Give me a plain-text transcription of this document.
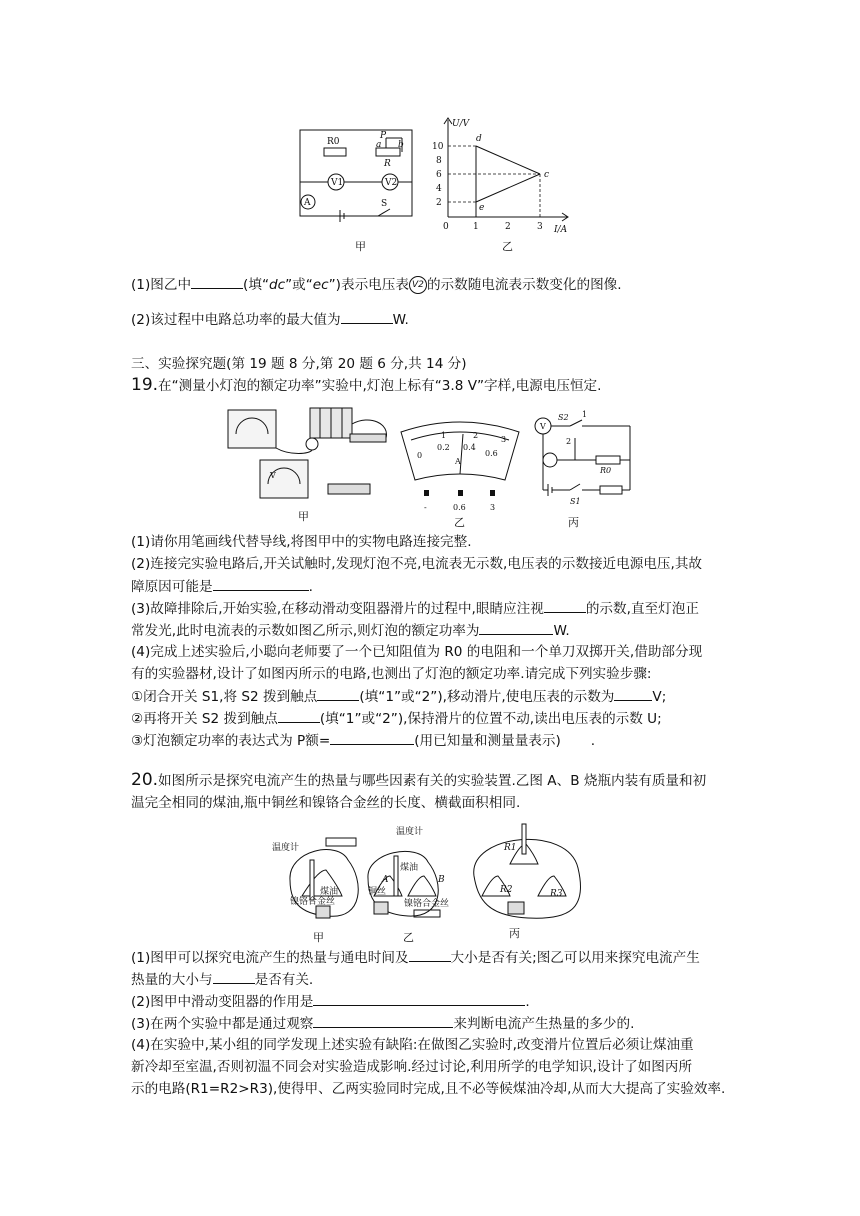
R0
P
a b
R
V1	V2
A	S
甲
U/V
I/A
10
8
6
4
2
0	1	2	3
d
c
e
乙
(1)图乙中	(填“dc”或“ec”)表示电压表 V2 的示数随电流表示数变化的图像.
(2)该过程中电路总功率的最大值为	W.
三、实验探究题(第 19 题 8 分,第 20 题 6 分,共 14 分)
19.在“测量小灯泡的额定功率”实验中,灯泡上标有“3.8 V”字样,电源电压恒定.
V
甲
0
0.2 0.4
0.6
1	2	3
A
-	0.6	3
乙
V
S2 1
2
R0
S1
丙
(1)请你用笔画线代替导线,将图甲中的实物电路连接完整.
(2)连接完实验电路后,开关试触时,发现灯泡不亮,电流表无示数,电压表的示数接近电源电压,其故
障原因可能是	.
(3)故障排除后,开始实验,在移动滑动变阻器滑片的过程中,眼睛应注视	的示数,直至灯泡正
常发光,此时电流表的示数如图乙所示,则灯泡的额定功率为	W.
(4)完成上述实验后,小聪向老师要了一个已知阻值为 R0 的电阻和一个单刀双掷开关,借助部分现
有的实验器材,设计了如图丙所示的电路,也测出了灯泡的额定功率.请完成下列实验步骤:
①闭合开关 S1,将 S2 拨到触点	(填“1”或“2”),移动滑片,使电压表的示数为	V;
②再将开关 S2 拨到触点	(填“1”或“2”),保持滑片的位置不动,读出电压表的示数 U;
③灯泡额定功率的表达式为 P额=	(用已知量和测量量表示) .
20.如图所示是探究电流产生的热量与哪些因素有关的实验装置.乙图 A、B 烧瓶内装有质量和初
温完全相同的煤油,瓶中铜丝和镍铬合金丝的长度、横截面积相同.
温度计
温度计
煤油
镍铬合金丝
煤油
铜丝
A	B
镍铬合金丝
R1
R2	R3
甲	乙	丙
(1)图甲可以探究电流产生的热量与通电时间及	大小是否有关;图乙可以用来探究电流产生
热量的大小与	是否有关.
(2)图甲中滑动变阻器的作用是	.
(3)在两个实验中都是通过观察	来判断电流产生热量的多少的.
(4)在实验中,某小组的同学发现上述实验有缺陷:在做图乙实验时,改变滑片位置后必须让煤油重
新冷却至室温,否则初温不同会对实验造成影响.经过讨论,利用所学的电学知识,设计了如图丙所
示的电路(R1=R2>R3),使得甲、乙两实验同时完成,且不必等候煤油冷却,从而大大提高了实验效率.
